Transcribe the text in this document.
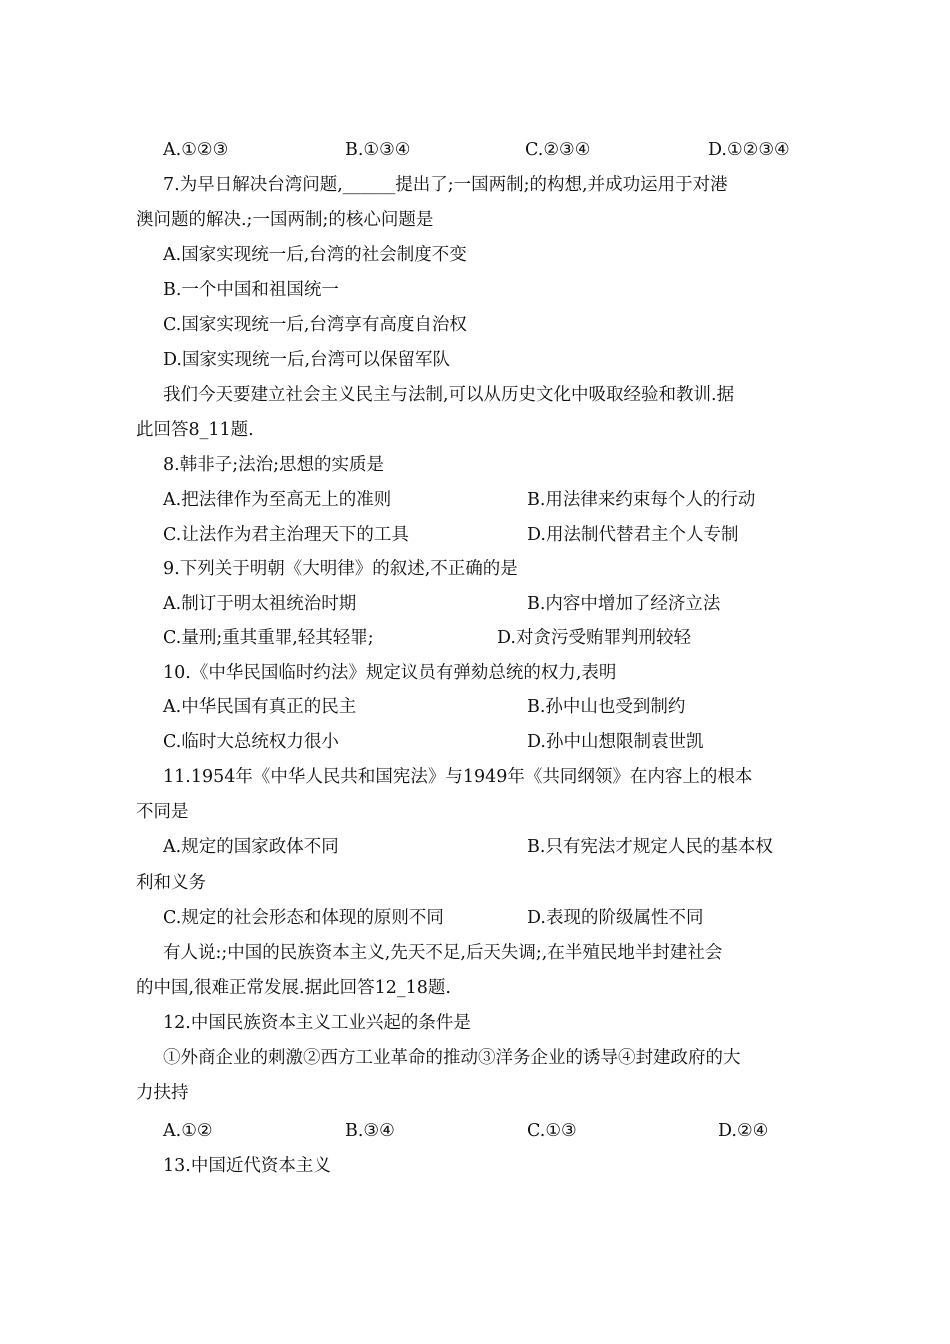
A.①②③	B.①③④	C.②③④	D.①②③④
7.为早日解决台湾问题,______提出了;一国两制;的构想,并成功运用于对港
澳问题的解决.;一国两制;的核心问题是
A.国家实现统一后,台湾的社会制度不变
B.一个中国和祖国统一
C.国家实现统一后,台湾享有高度自治权
D.国家实现统一后,台湾可以保留军队
我们今天要建立社会主义民主与法制,可以从历史文化中吸取经验和教训.据
此回答8_11题.
8.韩非子;法治;思想的实质是
A.把法律作为至高无上的准则	B.用法律来约束每个人的行动
C.让法作为君主治理天下的工具	D.用法制代替君主个人专制
9.下列关于明朝《大明律》的叙述,不正确的是
A.制订于明太祖统治时期	B.内容中增加了经济立法
C.量刑;重其重罪,轻其轻罪;	D.对贪污受贿罪判刑较轻
10.《中华民国临时约法》规定议员有弹劾总统的权力,表明
A.中华民国有真正的民主	B.孙中山也受到制约
C.临时大总统权力很小	D.孙中山想限制袁世凯
11.1954年《中华人民共和国宪法》与1949年《共同纲领》在内容上的根本
不同是
A.规定的国家政体不同	B.只有宪法才规定人民的基本权
利和义务
C.规定的社会形态和体现的原则不同	D.表现的阶级属性不同
有人说:;中国的民族资本主义,先天不足,后天失调;,在半殖民地半封建社会
的中国,很难正常发展.据此回答12_18题.
12.中国民族资本主义工业兴起的条件是
①外商企业的刺激②西方工业革命的推动③洋务企业的诱导④封建政府的大
力扶持
A.①②	B.③④	C.①③	D.②④
13.中国近代资本主义
